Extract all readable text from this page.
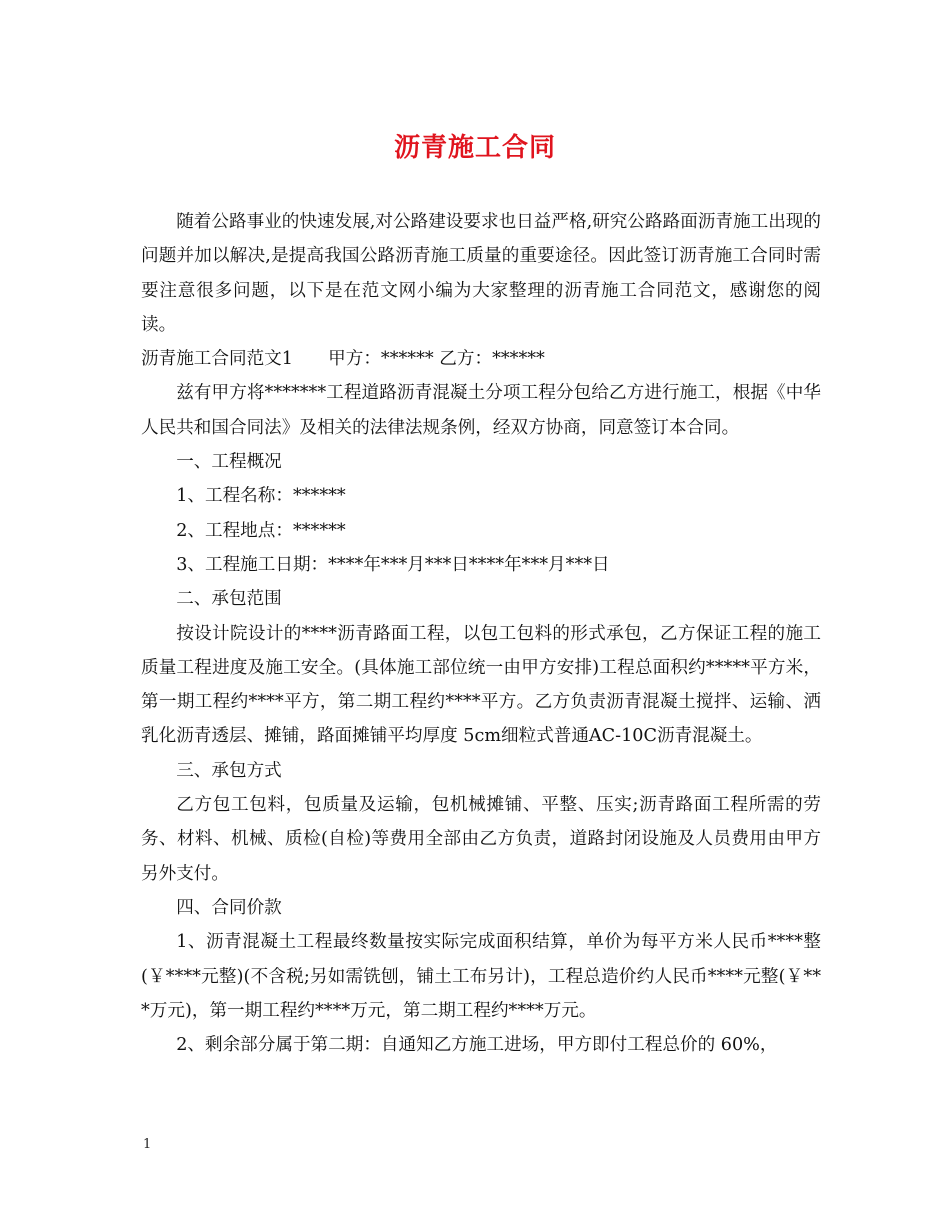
沥青施工合同

随着公路事业的快速发展,对公路建设要求也日益严格,研究公路路面沥青施工出现的问题并加以解决,是提高我国公路沥青施工质量的重要途径。因此签订沥青施工合同时需要注意很多问题，以下是在范文网小编为大家整理的沥青施工合同范文，感谢您的阅读。

沥青施工合同范文1　　甲方：****** 乙方：******

兹有甲方将*******工程道路沥青混凝土分项工程分包给乙方进行施工，根据《中华人民共和国合同法》及相关的法律法规条例，经双方协商，同意签订本合同。

一、工程概况

1、工程名称：******

2、工程地点：******

3、工程施工日期：****年***月***日****年***月***日

二、承包范围

按设计院设计的****沥青路面工程，以包工包料的形式承包，乙方保证工程的施工质量工程进度及施工安全。(具体施工部位统一由甲方安排)工程总面积约*****平方米，第一期工程约****平方，第二期工程约****平方。乙方负责沥青混凝土搅拌、运输、洒乳化沥青透层、摊铺，路面摊铺平均厚度 5cm细粒式普通AC-10C沥青混凝土。

三、承包方式

乙方包工包料，包质量及运输，包机械摊铺、平整、压实;沥青路面工程所需的劳务、材料、机械、质检(自检)等费用全部由乙方负责，道路封闭设施及人员费用由甲方另外支付。

四、合同价款

1、沥青混凝土工程最终数量按实际完成面积结算，单价为每平方米人民币****整(￥****元整)(不含税;另如需铣刨，铺土工布另计)，工程总造价约人民币****元整(￥***万元)，第一期工程约****万元，第二期工程约****万元。

2、剩余部分属于第二期：自通知乙方施工进场，甲方即付工程总价的 60%，

1
